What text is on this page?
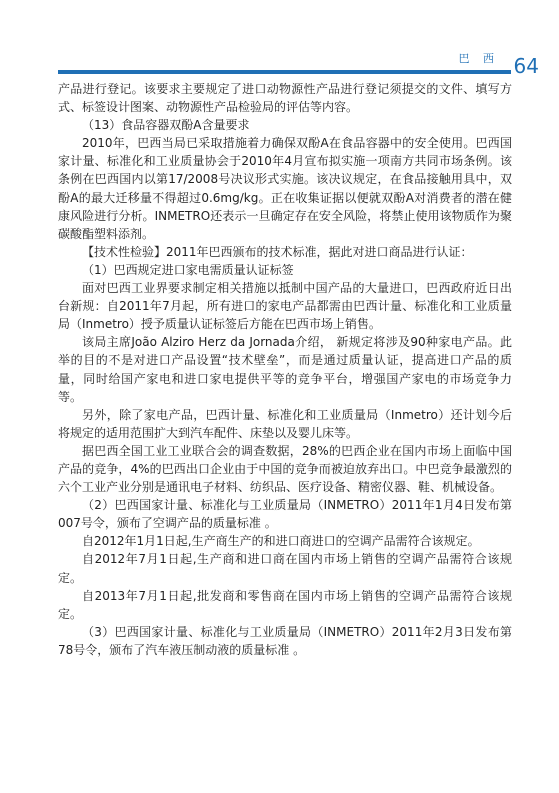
巴 西 64

产品进行登记。该要求主要规定了进口动物源性产品进行登记须提交的文件、填写方式、标签设计图案、动物源性产品检验局的评估等内容。

（13）食品容器双酚A含量要求

2010年，巴西当局已采取措施着力确保双酚A在食品容器中的安全使用。巴西国家计量、标准化和工业质量协会于2010年4月宣布拟实施一项南方共同市场条例。该条例在巴西国内以第17/2008号决议形式实施。该决议规定，在食品接触用具中，双酚A的最大迁移量不得超过0.6mg/kg。正在收集证据以便就双酚A对消费者的潜在健康风险进行分析。INMETRO还表示一旦确定存在安全风险，将禁止使用该物质作为聚碳酸酯塑料添剂。

【技术性检验】2011年巴西颁布的技术标准，据此对进口商品进行认证：

（1）巴西规定进口家电需质量认证标签

面对巴西工业界要求制定相关措施以抵制中国产品的大量进口，巴西政府近日出台新规：自2011年7月起，所有进口的家电产品都需由巴西计量、标准化和工业质量局（Inmetro）授予质量认证标签后方能在巴西市场上销售。

该局主席João Alziro Herz da Jornada介绍， 新规定将涉及90种家电产品。此举的目的不是对进口产品设置“技术壁垒”，而是通过质量认证，提高进口产品的质量，同时给国产家电和进口家电提供平等的竞争平台，增强国产家电的市场竞争力等。

另外，除了家电产品，巴西计量、标准化和工业质量局（Inmetro）还计划今后将规定的适用范围扩大到汽车配件、床垫以及婴儿床等。

据巴西全国工业工业联合会的调查数据，28%的巴西企业在国内市场上面临中国产品的竞争，4%的巴西出口企业由于中国的竞争而被迫放弃出口。中巴竞争最激烈的六个工业产业分别是通讯电子材料、纺织品、医疗设备、精密仪器、鞋、机械设备。

（2）巴西国家计量、标准化与工业质量局（INMETRO）2011年1月4日发布第007号令，颁布了空调产品的质量标准 。

自2012年1月1日起,生产商生产的和进口商进口的空调产品需符合该规定。

自2012年7月1日起,生产商和进口商在国内市场上销售的空调产品需符合该规定。

自2013年7月1日起,批发商和零售商在国内市场上销售的空调产品需符合该规定。

（3）巴西国家计量、标准化与工业质量局（INMETRO）2011年2月3日发布第78号令，颁布了汽车液压制动液的质量标准 。
